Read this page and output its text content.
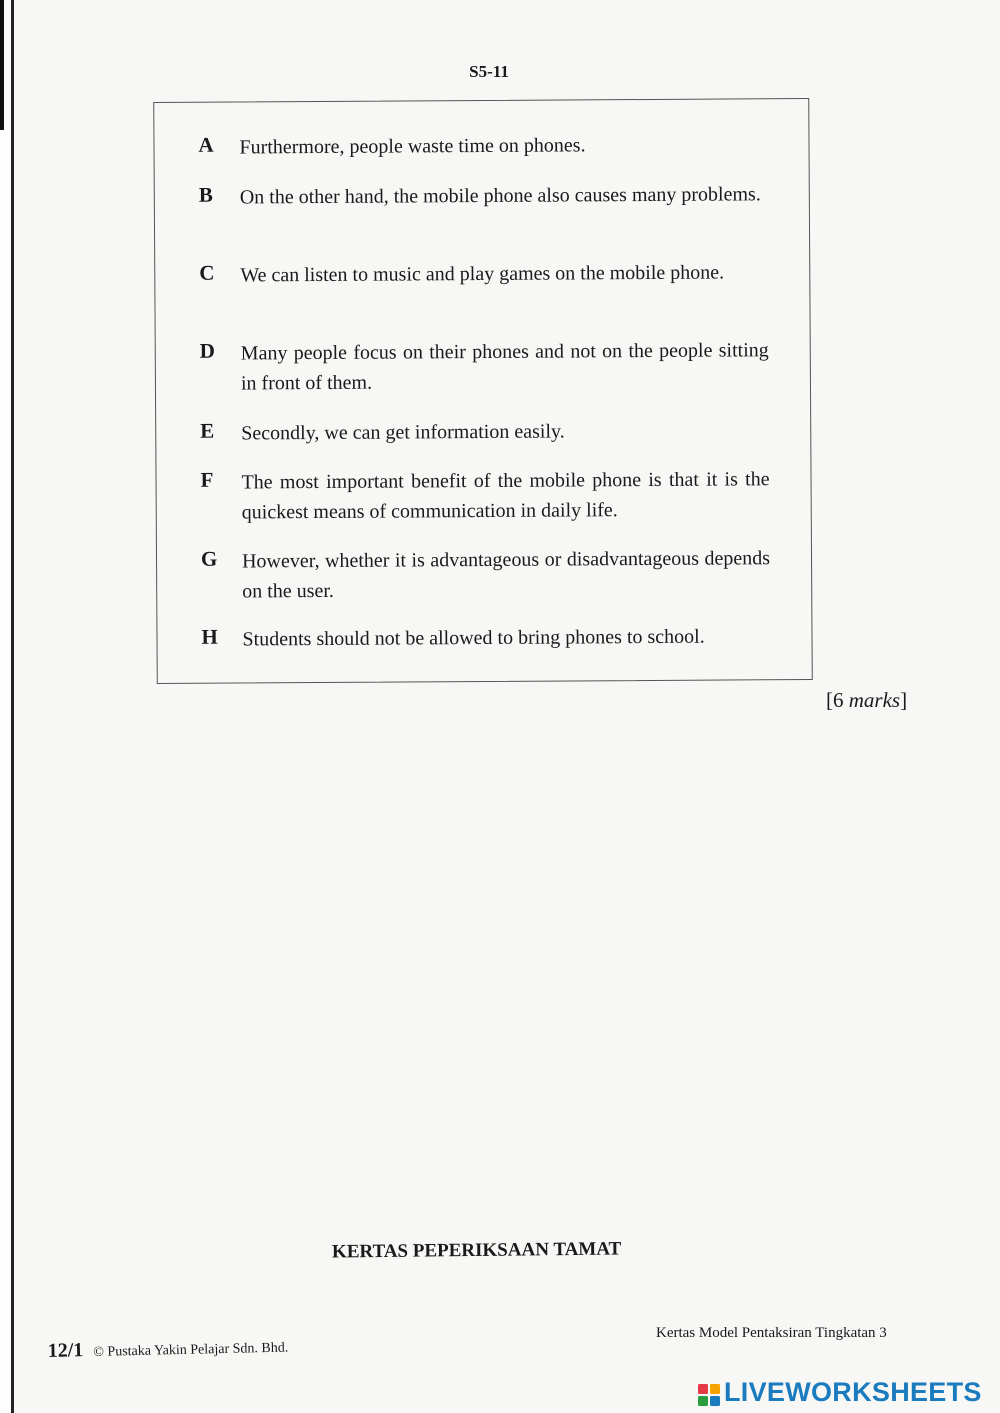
S5-11
A	Furthermore, people waste time on phones.
B	On the other hand, the mobile phone also causes many problems.
C	We can listen to music and play games on the mobile phone.
D	Many people focus on their phones and not on the people sitting in front of them.
E	Secondly, we can get information easily.
F	The most important benefit of the mobile phone is that it is the quickest means of communication in daily life.
G	However, whether it is advantageous or disadvantageous depends on the user.
H	Students should not be allowed to bring phones to school.
[6 marks]
KERTAS PEPERIKSAAN TAMAT
12/1 © Pustaka Yakin Pelajar Sdn. Bhd.
Kertas Model Pentaksiran Tingkatan 3
LIVEWORKSHEETS
